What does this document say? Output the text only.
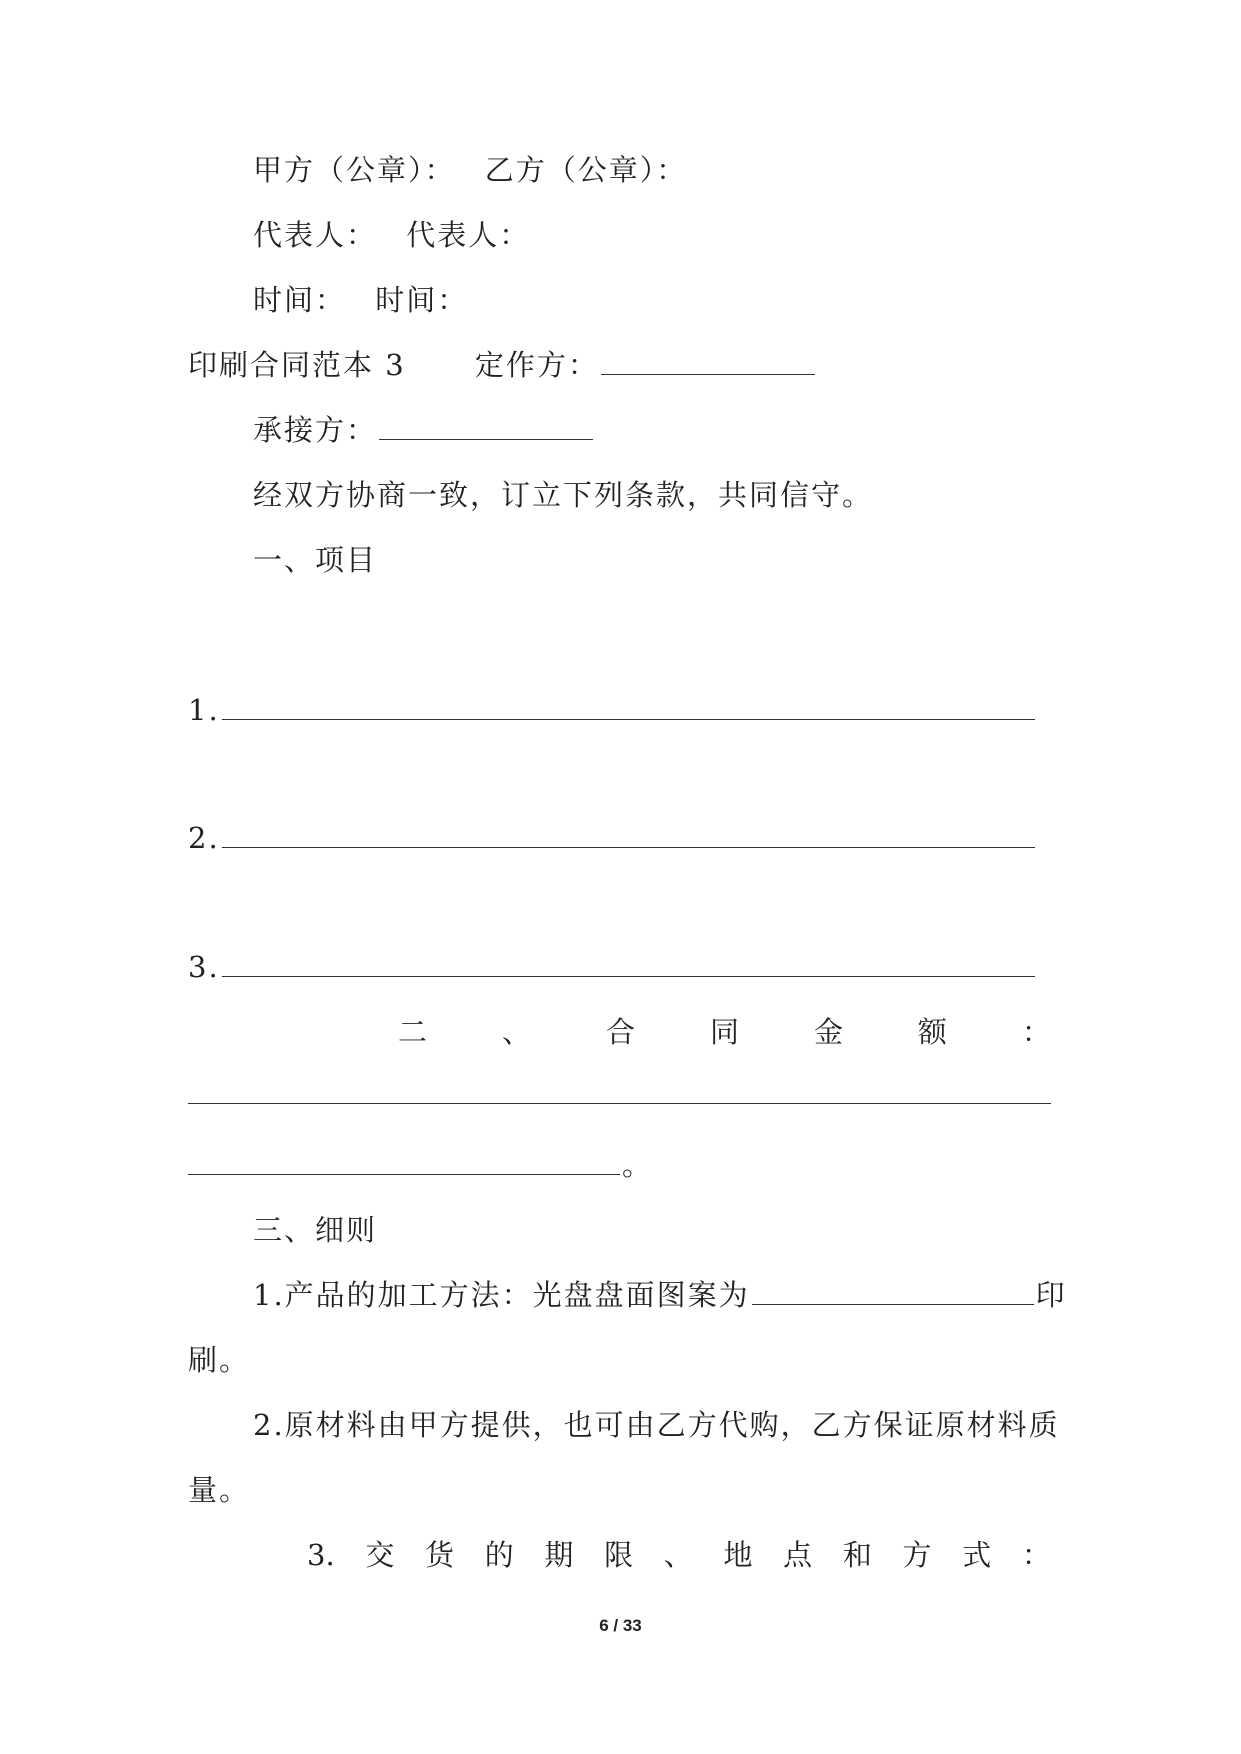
甲方（公章）： 乙方（公章）：
代表人： 代表人：
时间： 时间：
印刷合同范本 3 定作方：
承接方：
经双方协商一致，订立下列条款，共同信守。
一、项目
1.
2.
3.
二	、	合	同	金	额	：
。
三、细则
1.产品的加工方法：光盘盘面图案为	印
刷。
2.原材料由甲方提供，也可由乙方代购，乙方保证原材料质
量。
3. 交 货 的 期 限 、 地 点 和 方 式 ：
6 / 33
